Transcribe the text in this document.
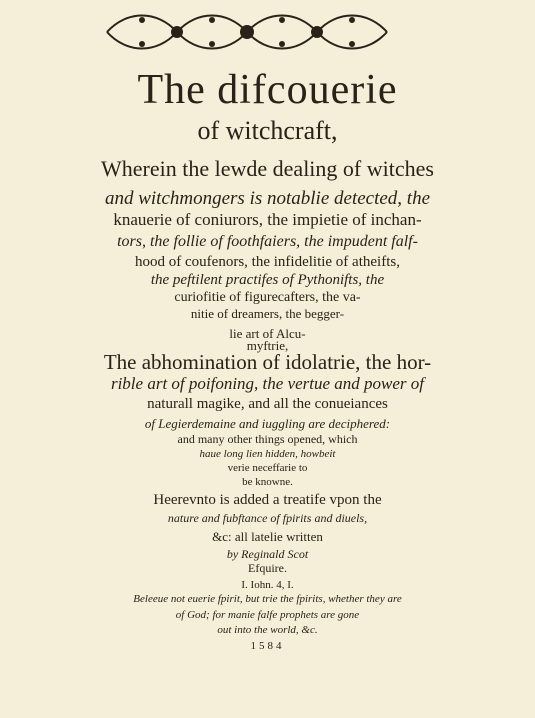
The difcouerie
of witchcraft,
Wherein the lewde dealing of witches
and witchmongers is notablie detected, the
knauerie of coniurors, the impietie of inchan-
tors, the follie of foothfaiers, the impudent falf-
hood of coufenors, the infidelitie of atheifts,
the peftilent practifes of Pythonifts, the
curiofitie of figurecafters, the va-
nitie of dreamers, the begger-
lie art of Alcu-
myftrie,
The abhomination of idolatrie, the hor-
rible art of poifoning, the vertue and power of
naturall magike, and all the conueiances
of Legierdemaine and iuggling are deciphered:
and many other things opened, which
haue long lien hidden, howbeit
verie neceffarie to
be knowne.
Heerevnto is added a treatife vpon the
nature and fubftance of fpirits and diuels,
&c: all latelie written
by Reginald Scot
Efquire.
I. Iohn. 4, I.
Beleeue not euerie fpirit, but trie the fpirits, whether they are
of God; for manie falfe prophets are gone
out into the world, &c.
1584
